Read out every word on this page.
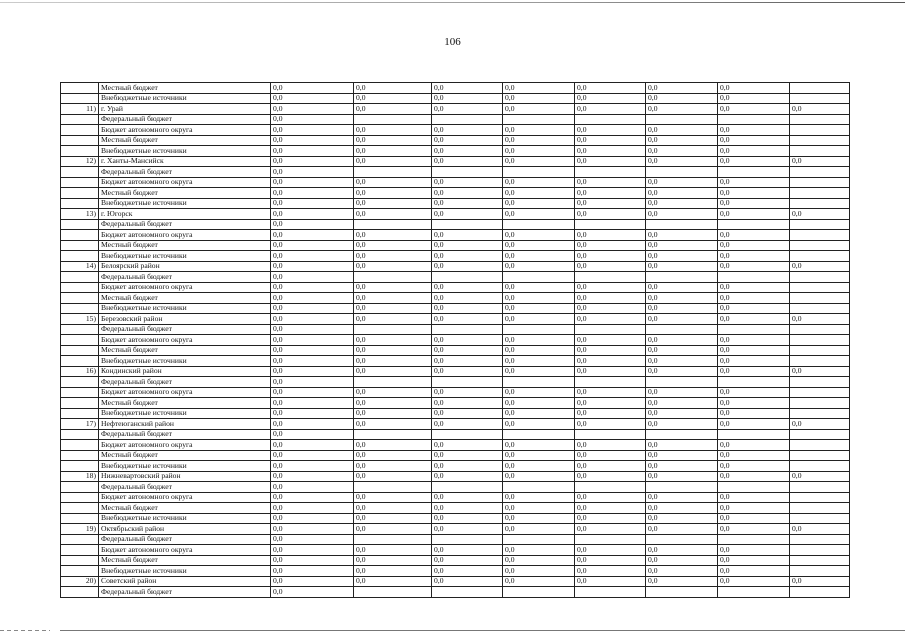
106
	Местный бюджет	0,0	0,0	0,0	0,0	0,0	0,0	0,0	
	Внебюджетные источники	0,0	0,0	0,0	0,0	0,0	0,0	0,0	
11)	г. Урай	0,0	0,0	0,0	0,0	0,0	0,0	0,0	0,0
	Федеральный бюджет	0,0							
	Бюджет автономного округа	0,0	0,0	0,0	0,0	0,0	0,0	0,0	
	Местный бюджет	0,0	0,0	0,0	0,0	0,0	0,0	0,0	
	Внебюджетные источники	0,0	0,0	0,0	0,0	0,0	0,0	0,0	
12)	г. Ханты-Мансийск	0,0	0,0	0,0	0,0	0,0	0,0	0,0	0,0
	Федеральный бюджет	0,0							
	Бюджет автономного округа	0,0	0,0	0,0	0,0	0,0	0,0	0,0	
	Местный бюджет	0,0	0,0	0,0	0,0	0,0	0,0	0,0	
	Внебюджетные источники	0,0	0,0	0,0	0,0	0,0	0,0	0,0	
13)	г. Югорск	0,0	0,0	0,0	0,0	0,0	0,0	0,0	0,0
	Федеральный бюджет	0,0							
	Бюджет автономного округа	0,0	0,0	0,0	0,0	0,0	0,0	0,0	
	Местный бюджет	0,0	0,0	0,0	0,0	0,0	0,0	0,0	
	Внебюджетные источники	0,0	0,0	0,0	0,0	0,0	0,0	0,0	
14)	Белоярский район	0,0	0,0	0,0	0,0	0,0	0,0	0,0	0,0
	Федеральный бюджет	0,0							
	Бюджет автономного округа	0,0	0,0	0,0	0,0	0,0	0,0	0,0	
	Местный бюджет	0,0	0,0	0,0	0,0	0,0	0,0	0,0	
	Внебюджетные источники	0,0	0,0	0,0	0,0	0,0	0,0	0,0	
15)	Березовский район	0,0	0,0	0,0	0,0	0,0	0,0	0,0	0,0
	Федеральный бюджет	0,0							
	Бюджет автономного округа	0,0	0,0	0,0	0,0	0,0	0,0	0,0	
	Местный бюджет	0,0	0,0	0,0	0,0	0,0	0,0	0,0	
	Внебюджетные источники	0,0	0,0	0,0	0,0	0,0	0,0	0,0	
16)	Кондинский район	0,0	0,0	0,0	0,0	0,0	0,0	0,0	0,0
	Федеральный бюджет	0,0							
	Бюджет автономного округа	0,0	0,0	0,0	0,0	0,0	0,0	0,0	
	Местный бюджет	0,0	0,0	0,0	0,0	0,0	0,0	0,0	
	Внебюджетные источники	0,0	0,0	0,0	0,0	0,0	0,0	0,0	
17)	Нефтеюганский район	0,0	0,0	0,0	0,0	0,0	0,0	0,0	0,0
	Федеральный бюджет	0,0							
	Бюджет автономного округа	0,0	0,0	0,0	0,0	0,0	0,0	0,0	
	Местный бюджет	0,0	0,0	0,0	0,0	0,0	0,0	0,0	
	Внебюджетные источники	0,0	0,0	0,0	0,0	0,0	0,0	0,0	
18)	Нижневартовский район	0,0	0,0	0,0	0,0	0,0	0,0	0,0	0,0
	Федеральный бюджет	0,0							
	Бюджет автономного округа	0,0	0,0	0,0	0,0	0,0	0,0	0,0	
	Местный бюджет	0,0	0,0	0,0	0,0	0,0	0,0	0,0	
	Внебюджетные источники	0,0	0,0	0,0	0,0	0,0	0,0	0,0	
19)	Октябрьский район	0,0	0,0	0,0	0,0	0,0	0,0	0,0	0,0
	Федеральный бюджет	0,0							
	Бюджет автономного округа	0,0	0,0	0,0	0,0	0,0	0,0	0,0	
	Местный бюджет	0,0	0,0	0,0	0,0	0,0	0,0	0,0	
	Внебюджетные источники	0,0	0,0	0,0	0,0	0,0	0,0	0,0	
20)	Советский район	0,0	0,0	0,0	0,0	0,0	0,0	0,0	0,0
	Федеральный бюджет	0,0							
